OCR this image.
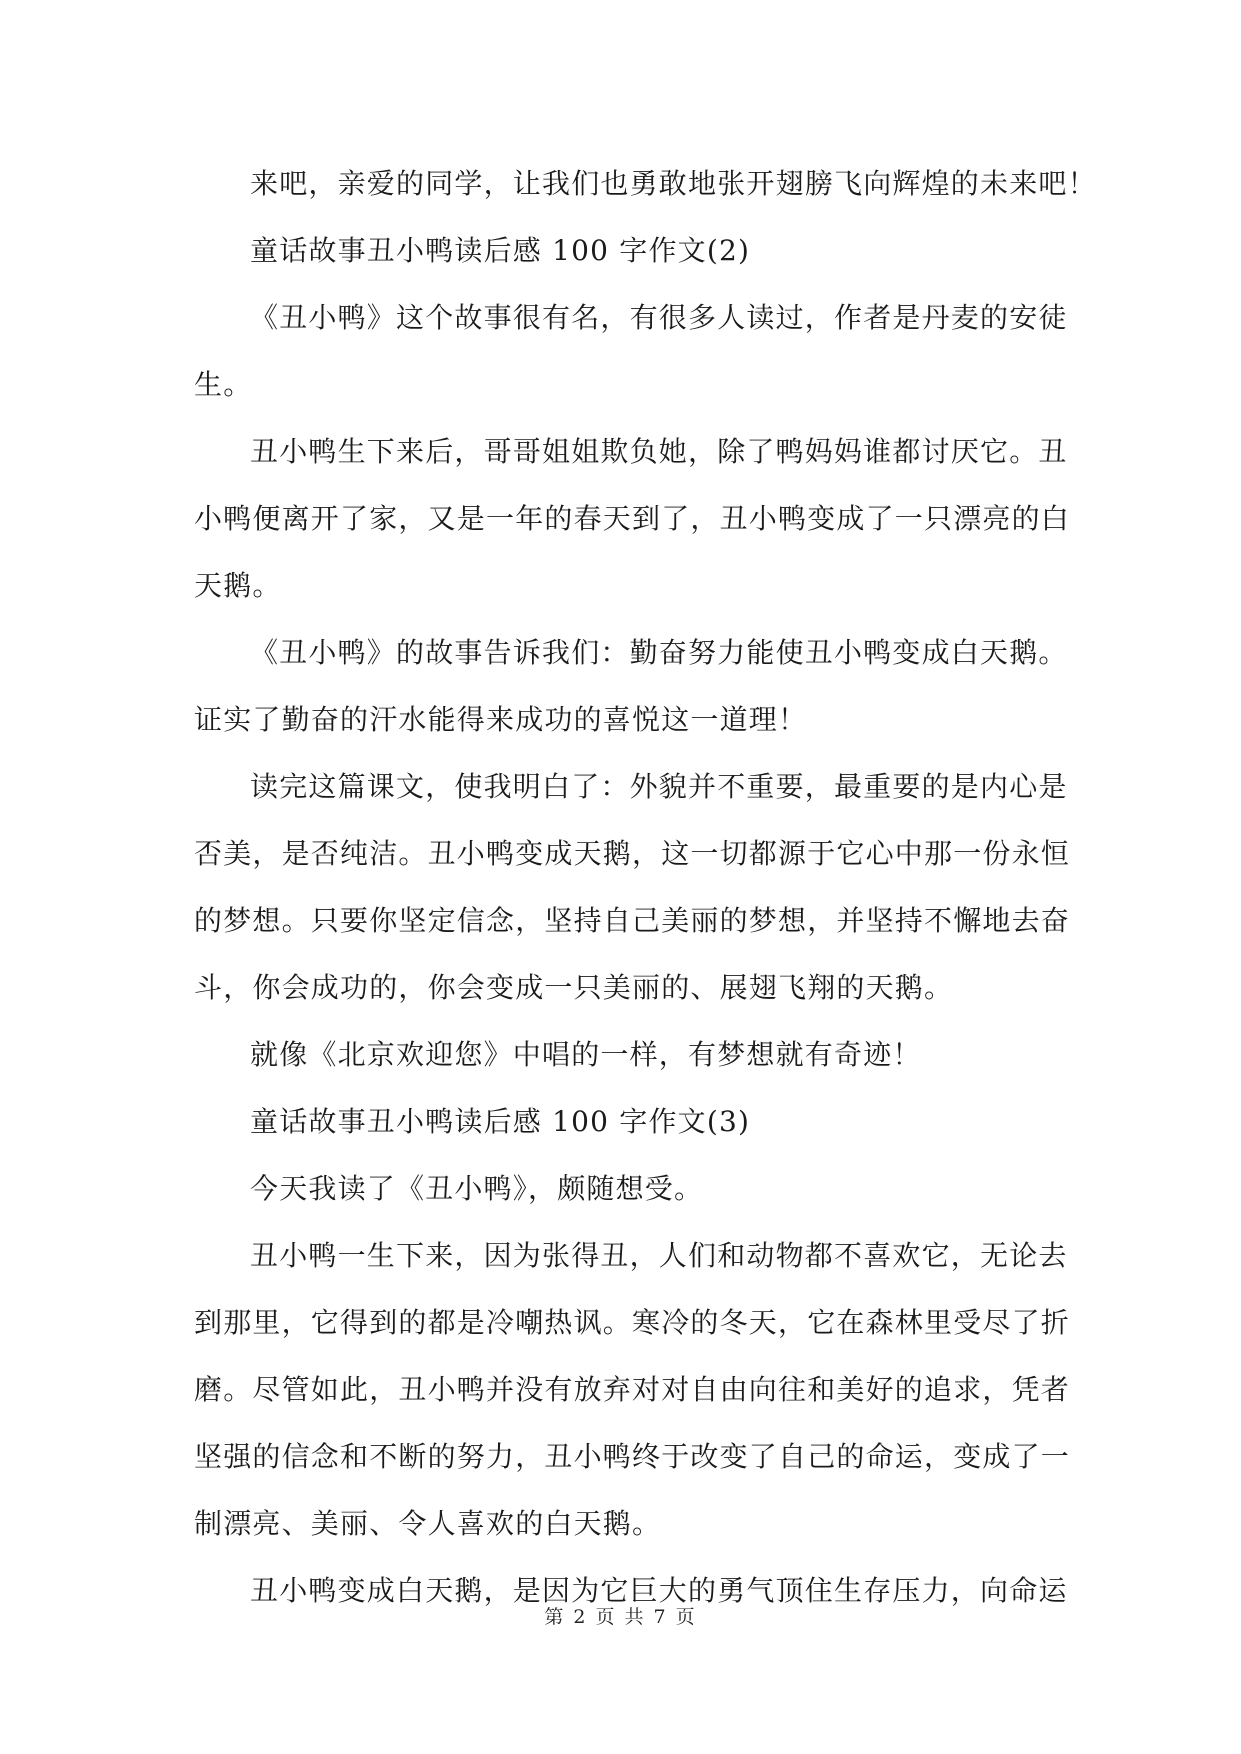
来吧，亲爱的同学，让我们也勇敢地张开翅膀飞向辉煌的未来吧！
童话故事丑小鸭读后感 100 字作文(2)
《丑小鸭》这个故事很有名，有很多人读过，作者是丹麦的安徒
生。
丑小鸭生下来后，哥哥姐姐欺负她，除了鸭妈妈谁都讨厌它。丑
小鸭便离开了家，又是一年的春天到了，丑小鸭变成了一只漂亮的白
天鹅。
《丑小鸭》的故事告诉我们：勤奋努力能使丑小鸭变成白天鹅。
证实了勤奋的汗水能得来成功的喜悦这一道理！
读完这篇课文，使我明白了：外貌并不重要，最重要的是内心是
否美，是否纯洁。丑小鸭变成天鹅，这一切都源于它心中那一份永恒
的梦想。只要你坚定信念，坚持自己美丽的梦想，并坚持不懈地去奋
斗，你会成功的，你会变成一只美丽的、展翅飞翔的天鹅。
就像《北京欢迎您》中唱的一样，有梦想就有奇迹！
童话故事丑小鸭读后感 100 字作文(3)
今天我读了《丑小鸭》，颇随想受。
丑小鸭一生下来，因为张得丑，人们和动物都不喜欢它，无论去
到那里，它得到的都是冷嘲热讽。寒冷的冬天，它在森林里受尽了折
磨。尽管如此，丑小鸭并没有放弃对对自由向往和美好的追求，凭者
坚强的信念和不断的努力，丑小鸭终于改变了自己的命运，变成了一
制漂亮、美丽、令人喜欢的白天鹅。
丑小鸭变成白天鹅，是因为它巨大的勇气顶住生存压力，向命运
第 2 页 共 7 页
